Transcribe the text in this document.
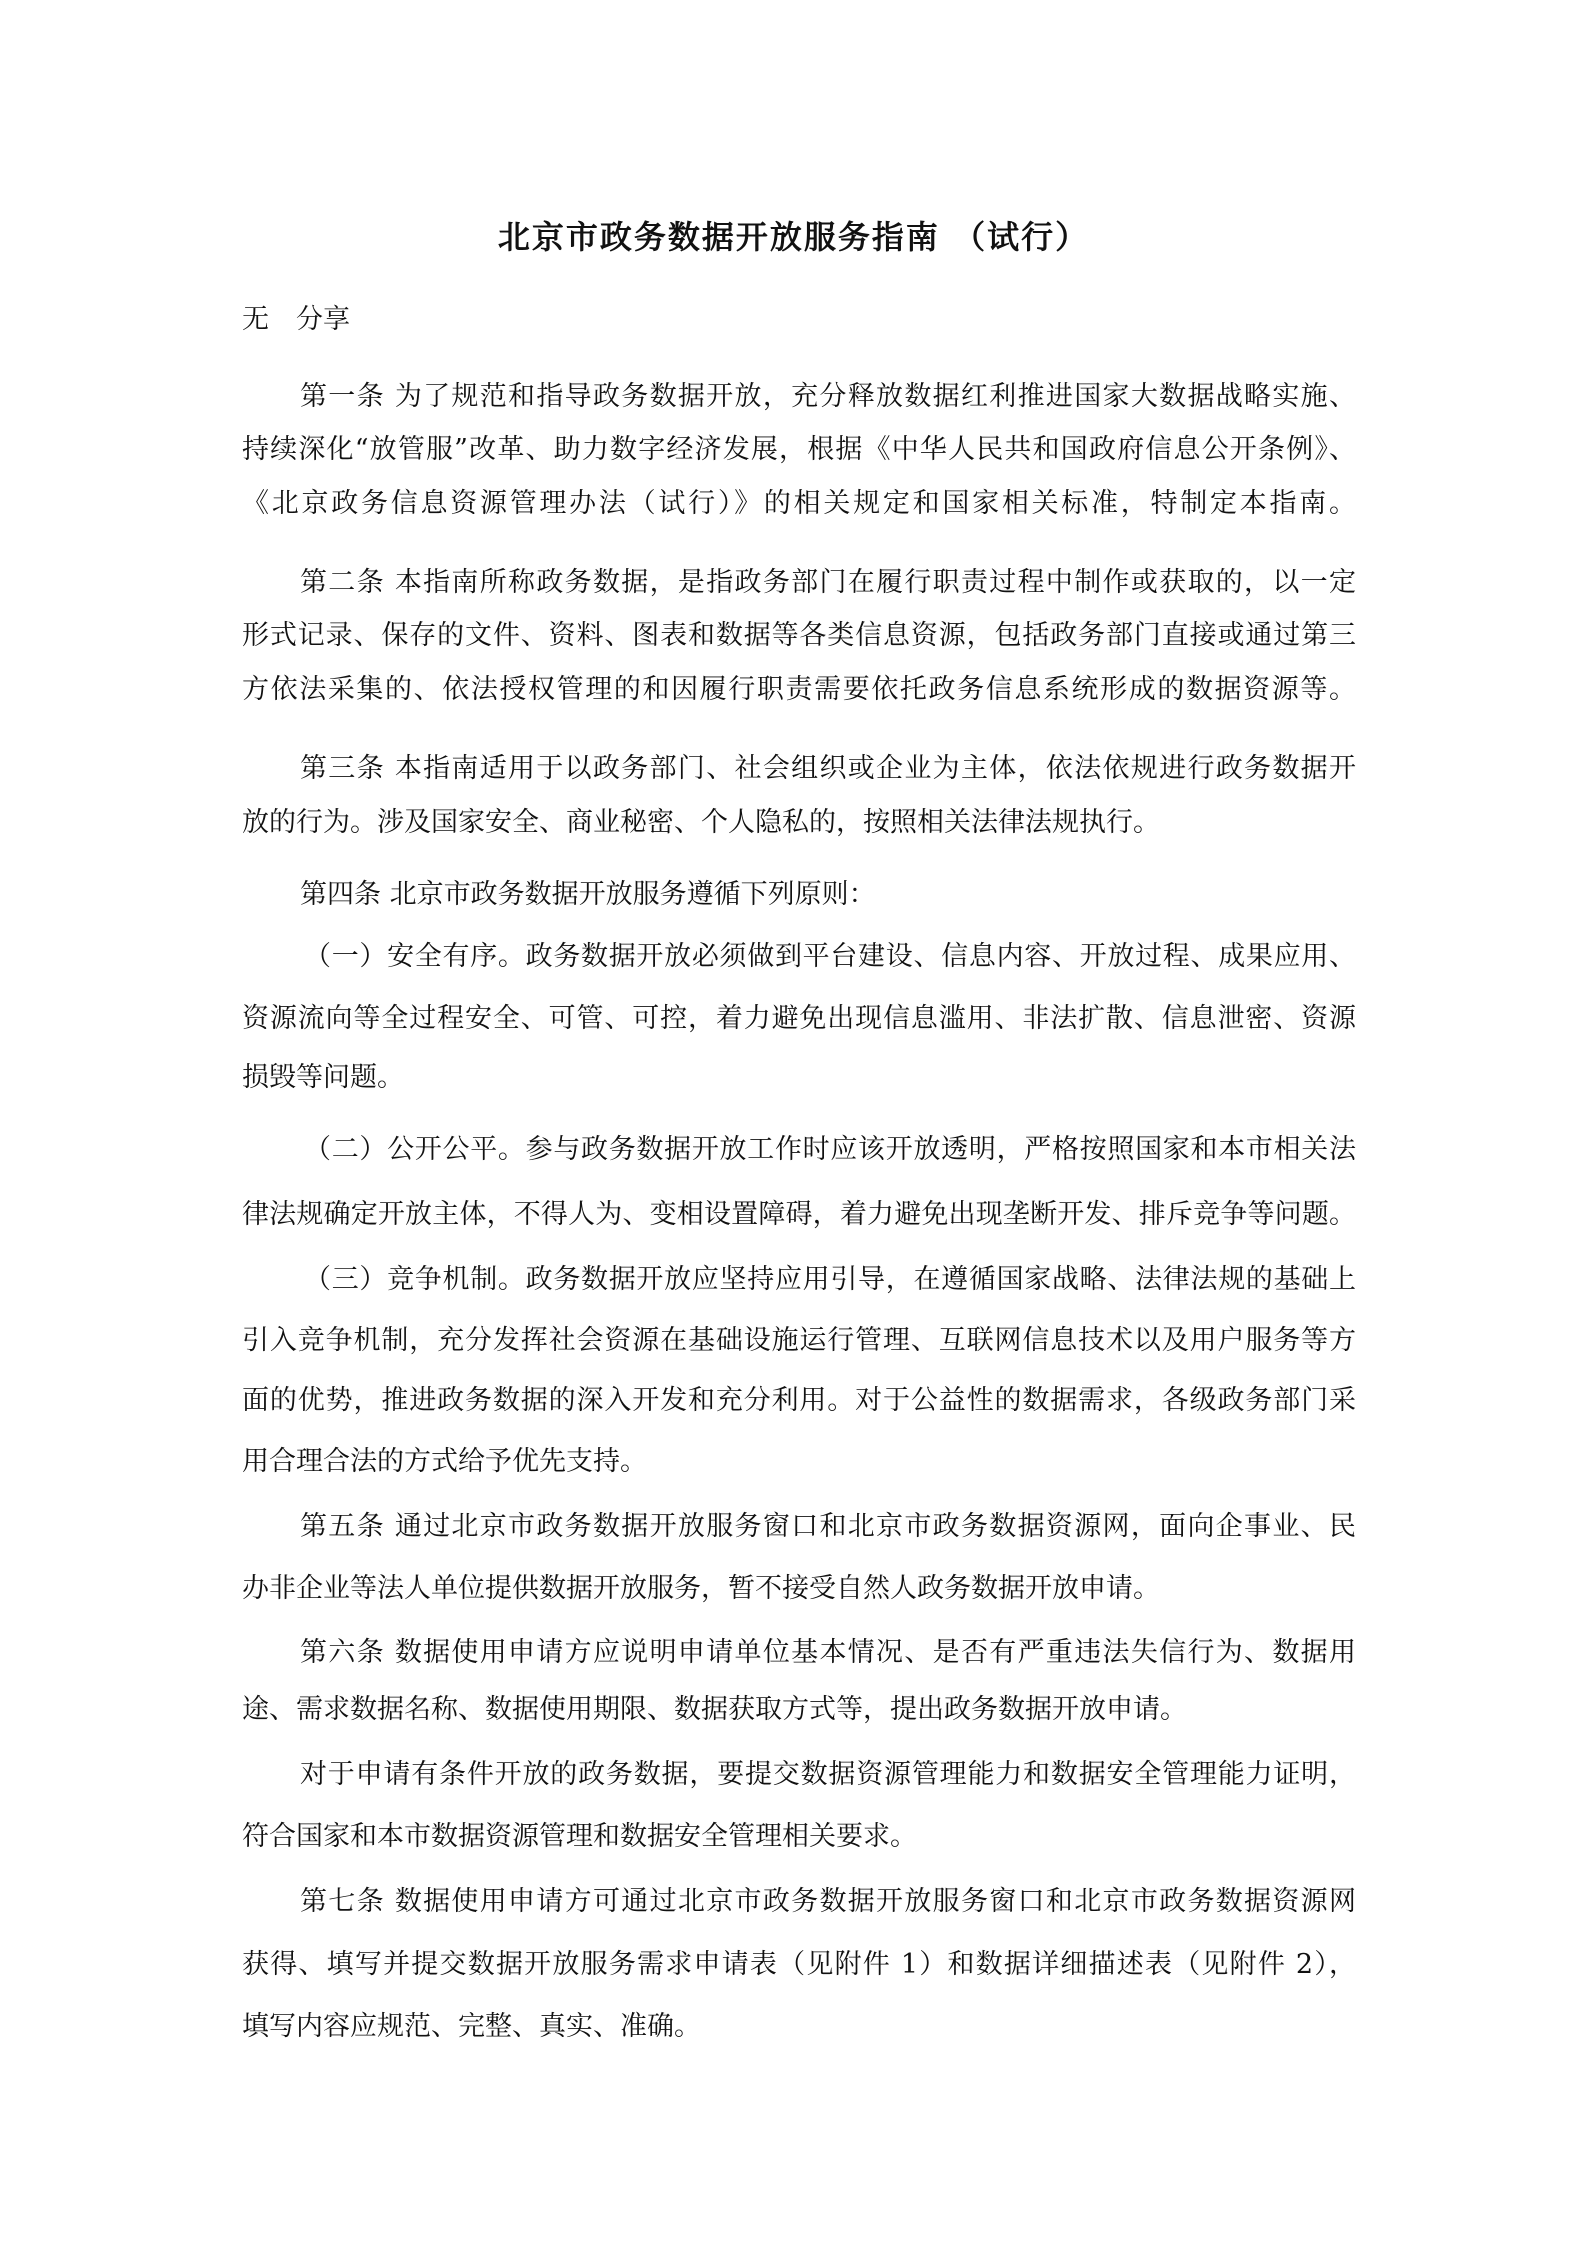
北京市政务数据开放服务指南 （试行）
无　分享
第一条 为了规范和指导政务数据开放，充分释放数据红利推进国家大数据战略实施、
持续深化“放管服”改革、助力数字经济发展，根据《中华人民共和国政府信息公开条例》、
《北京政务信息资源管理办法（试行）》的相关规定和国家相关标准，特制定本指南。
第二条 本指南所称政务数据，是指政务部门在履行职责过程中制作或获取的，以一定
形式记录、保存的文件、资料、图表和数据等各类信息资源，包括政务部门直接或通过第三
方依法采集的、依法授权管理的和因履行职责需要依托政务信息系统形成的数据资源等。
第三条 本指南适用于以政务部门、社会组织或企业为主体，依法依规进行政务数据开
放的行为。涉及国家安全、商业秘密、个人隐私的，按照相关法律法规执行。
第四条 北京市政务数据开放服务遵循下列原则：
（一）安全有序。政务数据开放必须做到平台建设、信息内容、开放过程、成果应用、
资源流向等全过程安全、可管、可控，着力避免出现信息滥用、非法扩散、信息泄密、资源
损毁等问题。
（二）公开公平。参与政务数据开放工作时应该开放透明，严格按照国家和本市相关法
律法规确定开放主体，不得人为、变相设置障碍，着力避免出现垄断开发、排斥竞争等问题。
（三）竞争机制。政务数据开放应坚持应用引导，在遵循国家战略、法律法规的基础上
引入竞争机制，充分发挥社会资源在基础设施运行管理、互联网信息技术以及用户服务等方
面的优势，推进政务数据的深入开发和充分利用。对于公益性的数据需求，各级政务部门采
用合理合法的方式给予优先支持。
第五条 通过北京市政务数据开放服务窗口和北京市政务数据资源网，面向企事业、民
办非企业等法人单位提供数据开放服务，暂不接受自然人政务数据开放申请。
第六条 数据使用申请方应说明申请单位基本情况、是否有严重违法失信行为、数据用
途、需求数据名称、数据使用期限、数据获取方式等，提出政务数据开放申请。
对于申请有条件开放的政务数据，要提交数据资源管理能力和数据安全管理能力证明，
符合国家和本市数据资源管理和数据安全管理相关要求。
第七条 数据使用申请方可通过北京市政务数据开放服务窗口和北京市政务数据资源网
获得、填写并提交数据开放服务需求申请表（见附件 1）和数据详细描述表（见附件 2），
填写内容应规范、完整、真实、准确。
